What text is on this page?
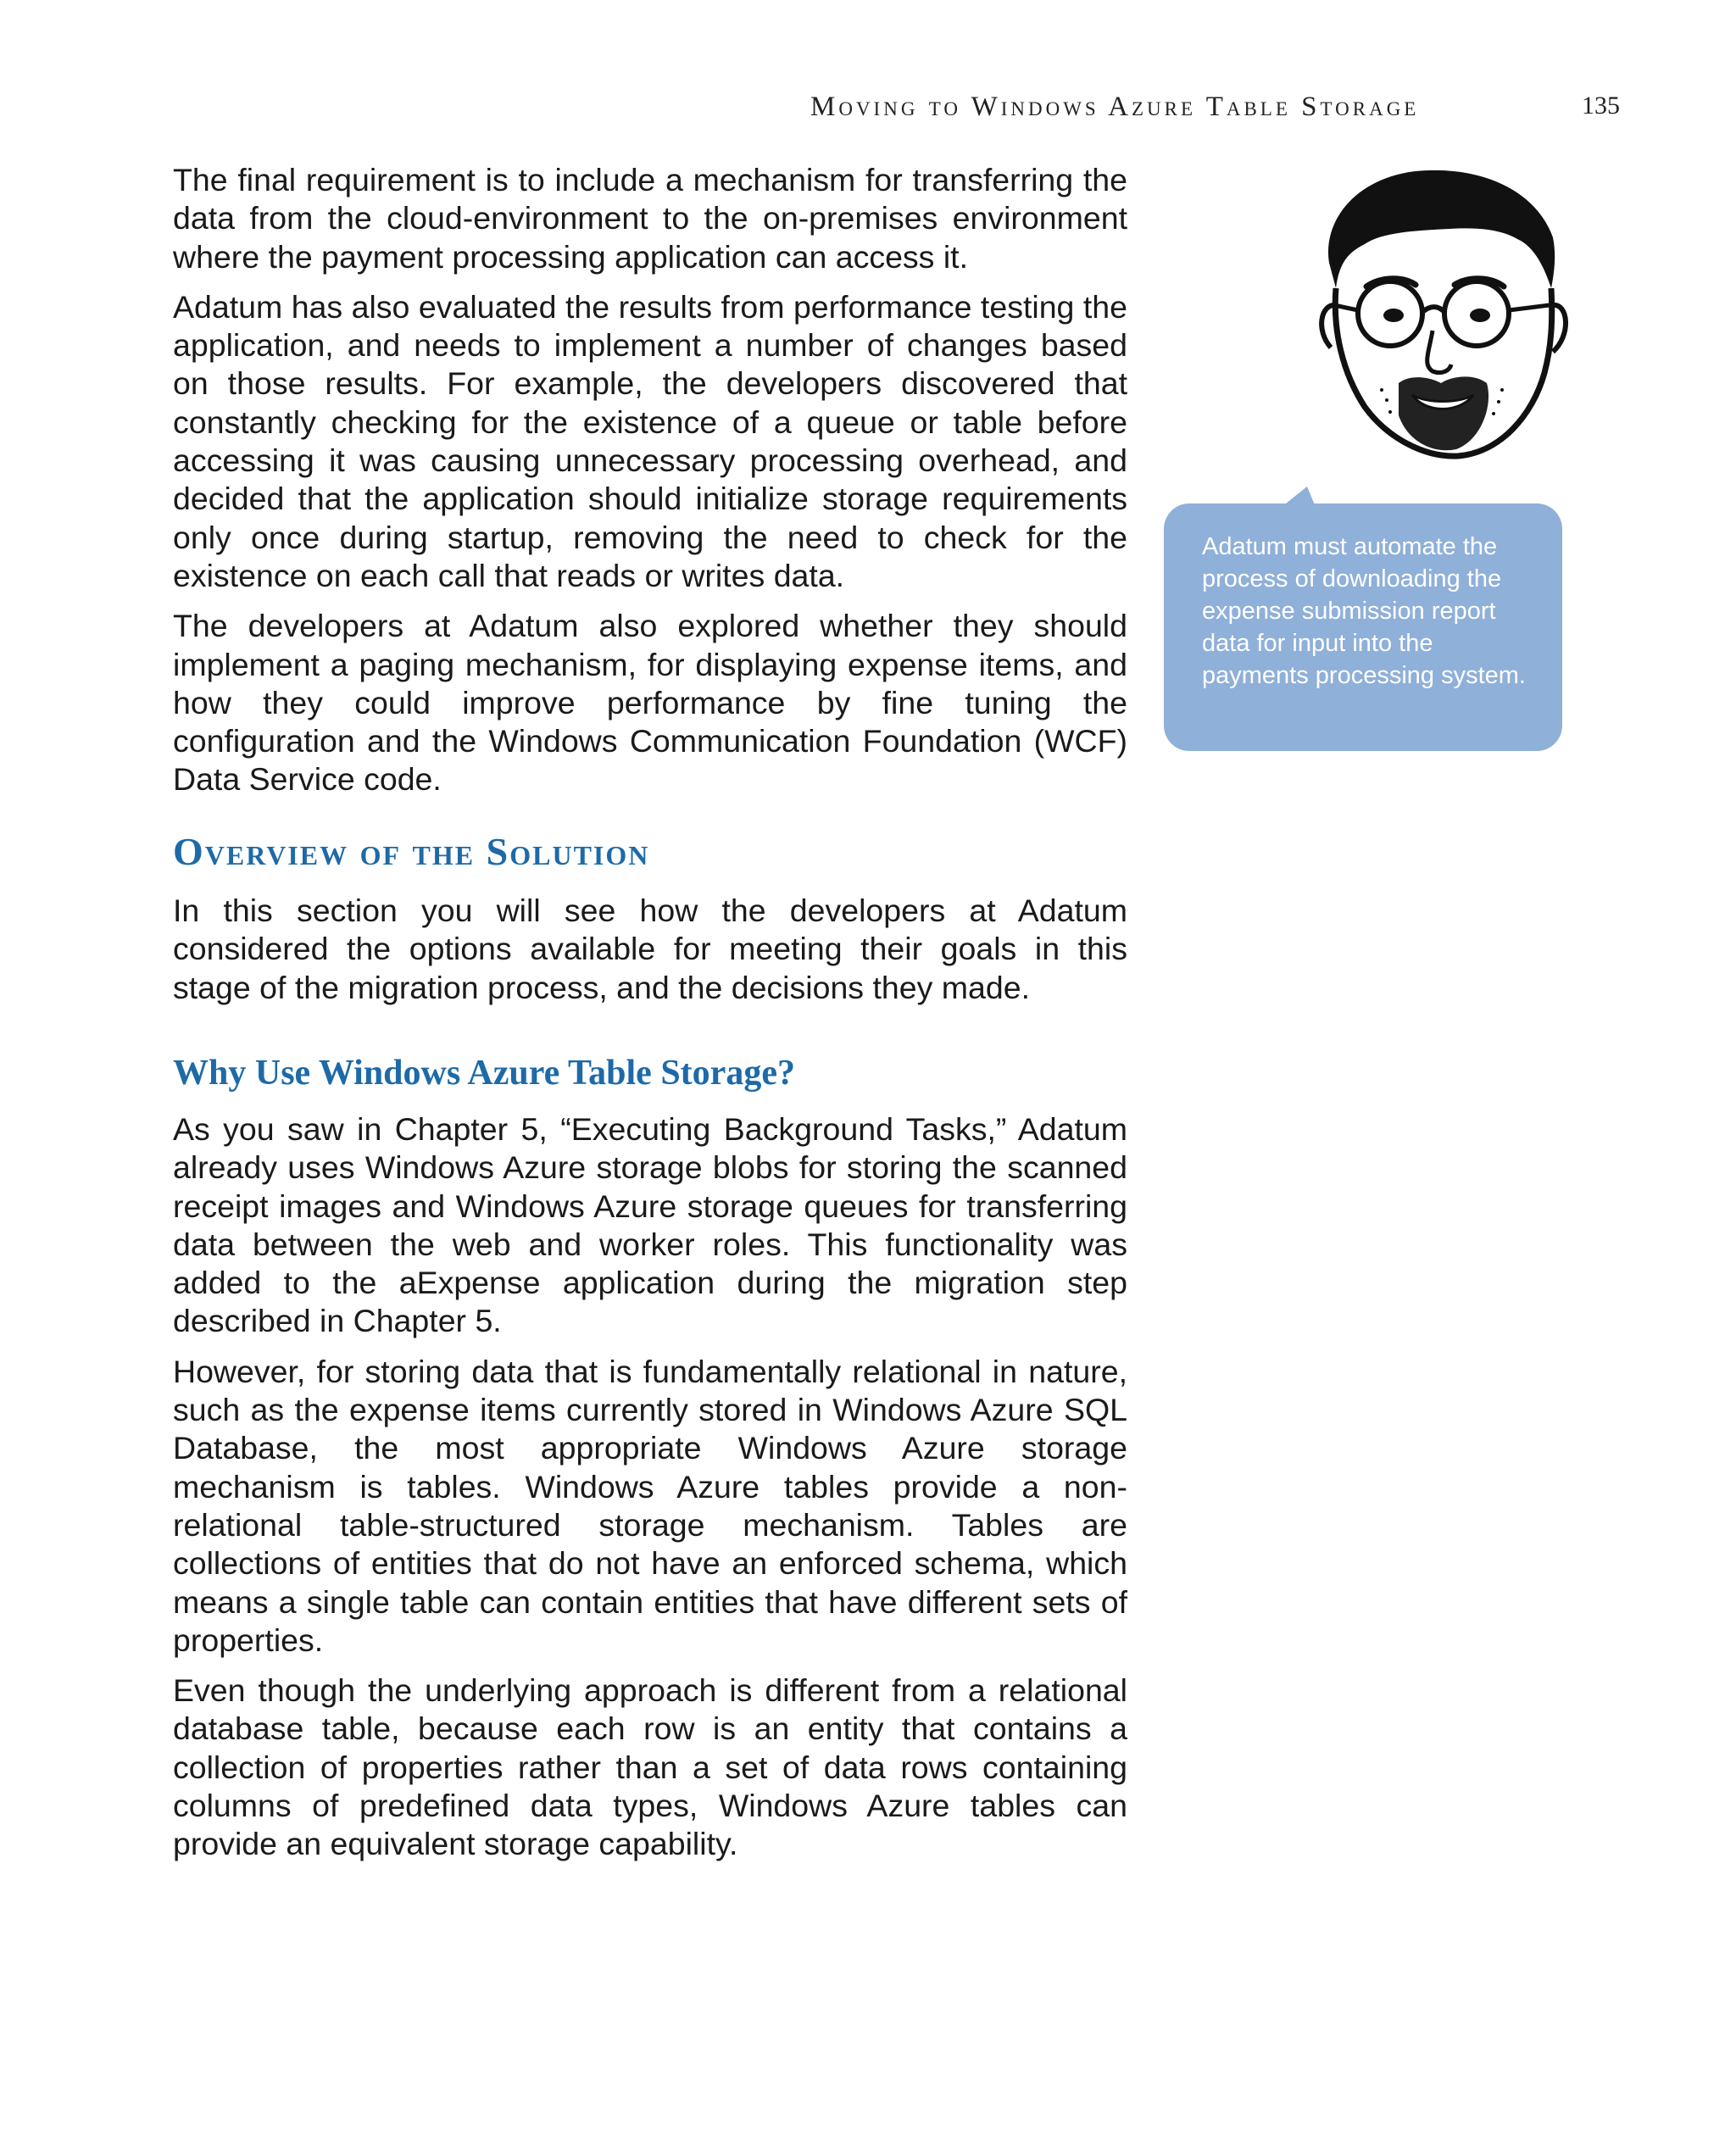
Moving to Windows Azure Table Storage	135

The final requirement is to include a mechanism for transferring the data from the cloud-environment to the on-premises environment where the payment processing application can access it.

Adatum has also evaluated the results from performance testing the application, and needs to implement a number of changes based on those results. For example, the developers discovered that constantly checking for the existence of a queue or table before accessing it was causing unnecessary processing overhead, and decided that the application should initialize storage requirements only once during startup, removing the need to check for the existence on each call that reads or writes data.

The developers at Adatum also explored whether they should implement a paging mechanism, for displaying expense items, and how they could improve performance by fine tuning the configuration and the Windows Communication Foundation (WCF) Data Service code.

Overview of the Solution

In this section you will see how the developers at Adatum considered the options available for meeting their goals in this stage of the migration process, and the decisions they made.

Why Use Windows Azure Table Storage?

As you saw in Chapter 5, “Executing Background Tasks,” Adatum already uses Windows Azure storage blobs for storing the scanned receipt images and Windows Azure storage queues for transferring data between the web and worker roles. This functionality was added to the aExpense application during the migration step described in Chapter 5.

However, for storing data that is fundamentally relational in nature, such as the expense items currently stored in Windows Azure SQL Database, the most appropriate Windows Azure storage mechanism is tables. Windows Azure tables provide a non-relational table-structured storage mechanism. Tables are collections of entities that do not have an enforced schema, which means a single table can contain entities that have different sets of properties.

Even though the underlying approach is different from a relational database table, because each row is an entity that contains a collection of properties rather than a set of data rows containing columns of predefined data types, Windows Azure tables can provide an equivalent storage capability.

Adatum must automate the process of downloading the expense submission report data for input into the payments processing system.
